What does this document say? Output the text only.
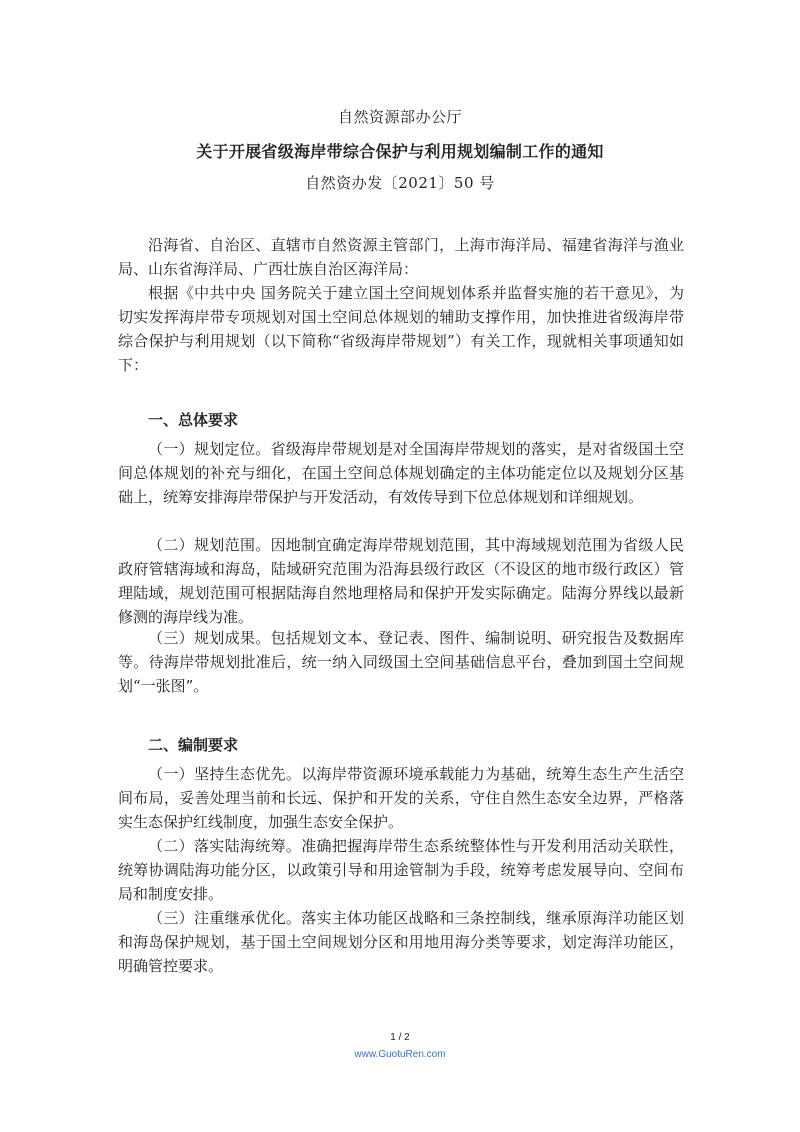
自然资源部办公厅
关于开展省级海岸带综合保护与利用规划编制工作的通知
自然资办发〔2021〕50 号

沿海省、自治区、直辖市自然资源主管部门，上海市海洋局、福建省海洋与渔业局、山东省海洋局、广西壮族自治区海洋局：

根据《中共中央 国务院关于建立国土空间规划体系并监督实施的若干意见》，为切实发挥海岸带专项规划对国土空间总体规划的辅助支撑作用，加快推进省级海岸带综合保护与利用规划（以下简称“省级海岸带规划”）有关工作，现就相关事项通知如下：

一、总体要求

（一）规划定位。省级海岸带规划是对全国海岸带规划的落实，是对省级国土空间总体规划的补充与细化，在国土空间总体规划确定的主体功能定位以及规划分区基础上，统筹安排海岸带保护与开发活动，有效传导到下位总体规划和详细规划。

（二）规划范围。因地制宜确定海岸带规划范围，其中海域规划范围为省级人民政府管辖海域和海岛，陆域研究范围为沿海县级行政区（不设区的地市级行政区）管理陆域，规划范围可根据陆海自然地理格局和保护开发实际确定。陆海分界线以最新修测的海岸线为准。

（三）规划成果。包括规划文本、登记表、图件、编制说明、研究报告及数据库等。待海岸带规划批准后，统一纳入同级国土空间基础信息平台，叠加到国土空间规划“一张图”。

二、编制要求

（一）坚持生态优先。以海岸带资源环境承载能力为基础，统筹生态生产生活空间布局，妥善处理当前和长远、保护和开发的关系，守住自然生态安全边界，严格落实生态保护红线制度，加强生态安全保护。

（二）落实陆海统筹。准确把握海岸带生态系统整体性与开发利用活动关联性，统筹协调陆海功能分区，以政策引导和用途管制为手段，统筹考虑发展导向、空间布局和制度安排。

（三）注重继承优化。落实主体功能区战略和三条控制线，继承原海洋功能区划和海岛保护规划，基于国土空间规划分区和用地用海分类等要求，划定海洋功能区，明确管控要求。

1 / 2
www.GuotuRen.com
